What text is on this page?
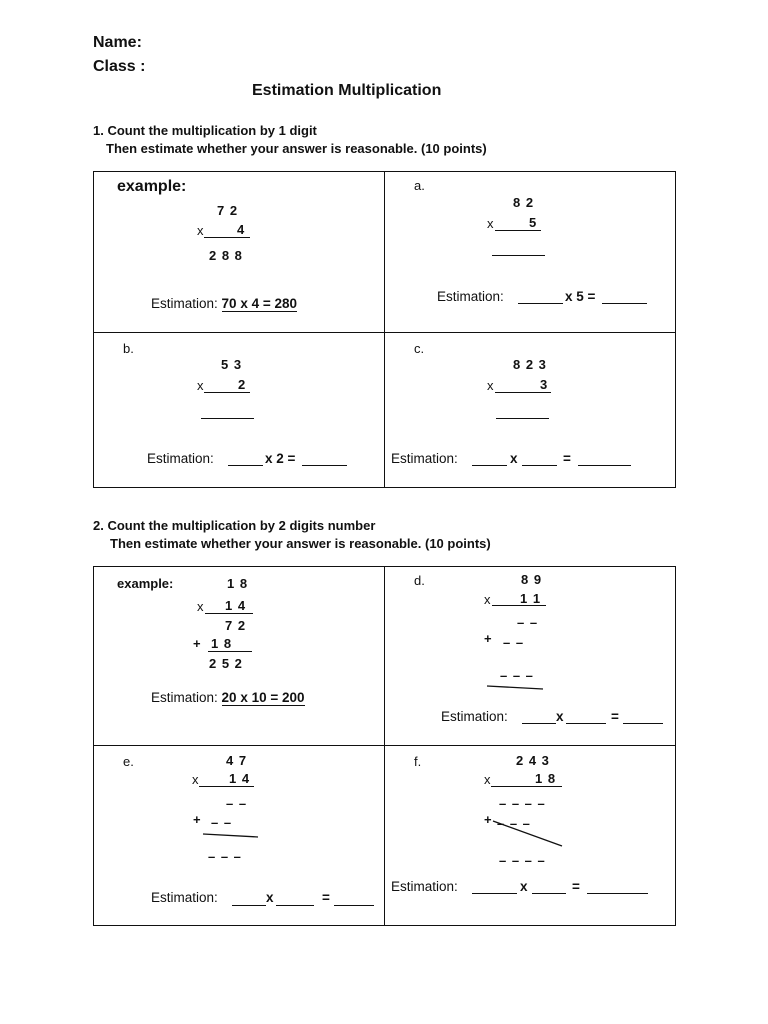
Name:
Class :
Estimation Multiplication
1. Count the multiplication by 1 digit
Then estimate whether your answer is reasonable. (10 points)
example:
7 2
x	4
2 8 8
Estimation: 70 x 4 = 280
a.
8 2
x	5
Estimation:	x 5 =
b.
5 3
x	2
Estimation:	x 2 =
c.
8 2 3
x	3
Estimation:	x	=
2. Count the multiplication by 2 digits number
Then estimate whether your answer is reasonable. (10 points)
example:	1 8
x 1 4
7 2
+ 1 8
2 5 2
Estimation: 20 x 10 = 200
d.	8 9
x 1 1
– –
+ – –
– – –
Estimation:	x	=
e.	4 7
x 1 4
– –
+ – –
– – –
Estimation:	x	=
f.	2 4 3
x	1 8
– – – –
+ – – –
– – – –
Estimation:	x	=
